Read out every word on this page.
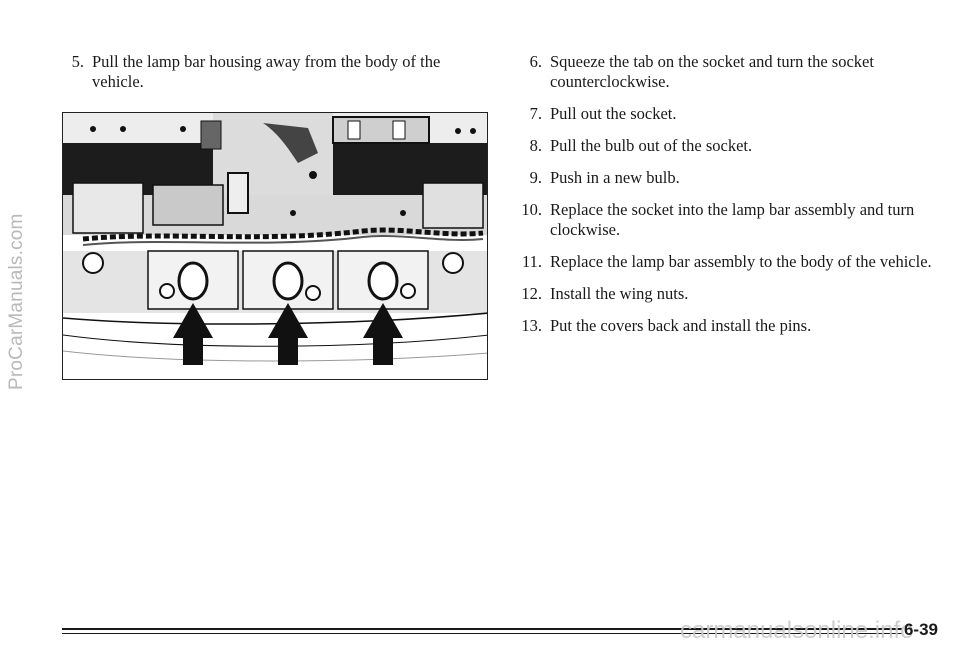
ProCarManuals.com
5. Pull the lamp bar housing away from the body of the vehicle.
6. Squeeze the tab on the socket and turn the socket counterclockwise.
7. Pull out the socket.
8. Pull the bulb out of the socket.
9. Push in a new bulb.
10. Replace the socket into the lamp bar assembly and turn clockwise.
11. Replace the lamp bar assembly to the body of the vehicle.
12. Install the wing nuts.
13. Put the covers back and install the pins.
carmanualsonline.info
6-39
